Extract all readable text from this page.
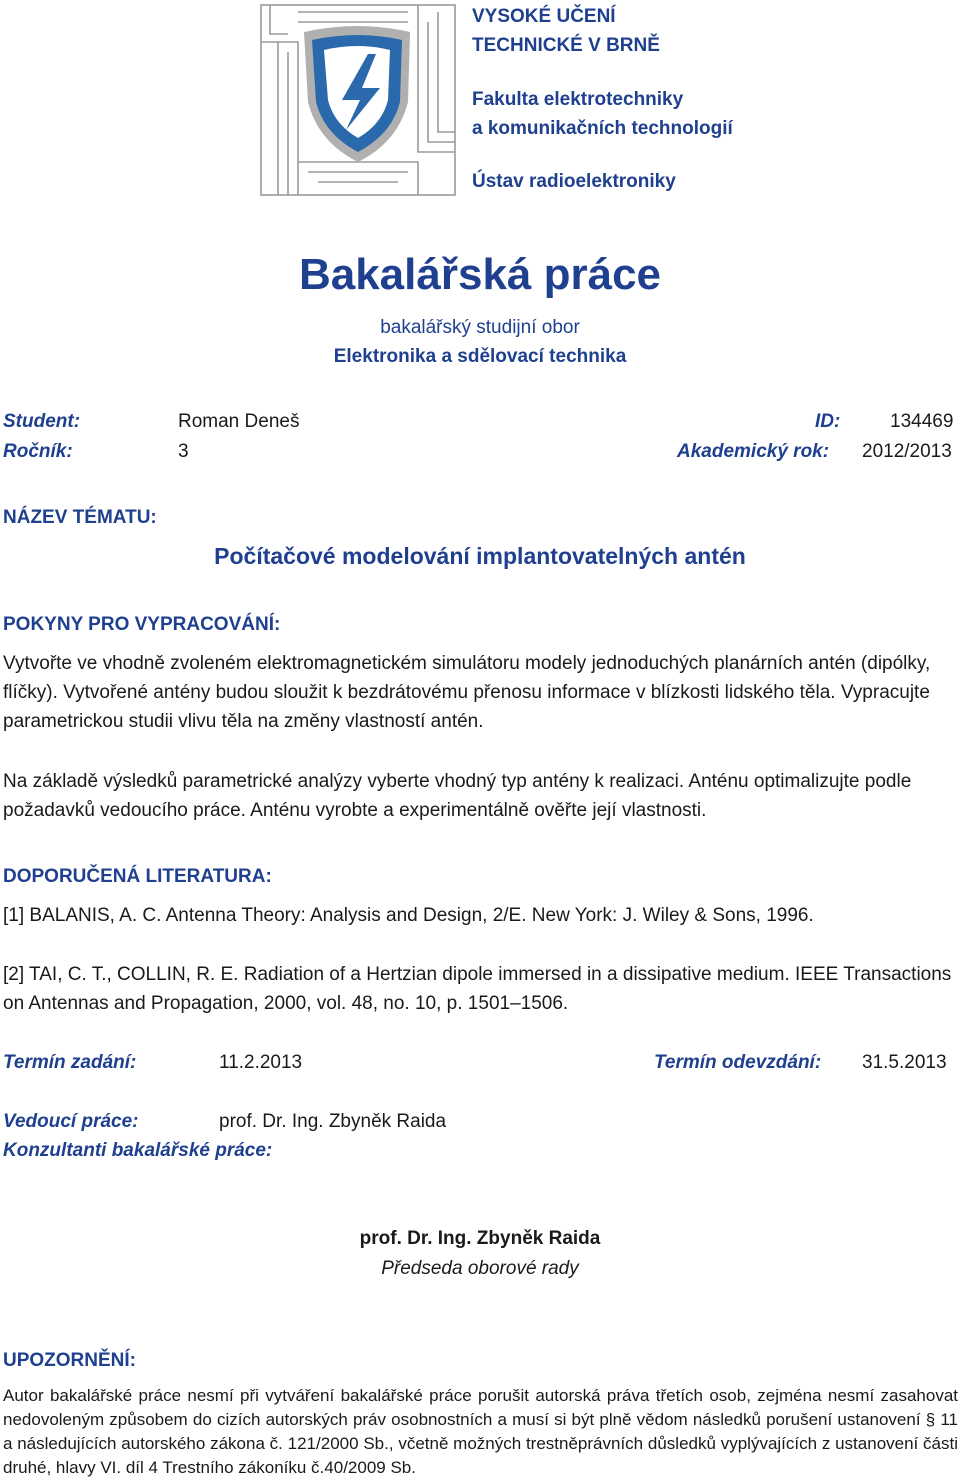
VYSOKÉ UČENÍ
TECHNICKÉ V BRNĚ
Fakulta elektrotechniky
a komunikačních technologií
Ústav radioelektroniky
Bakalářská práce
bakalářský studijní obor
Elektronika a sdělovací technika
Student:	Roman Deneš	ID:	134469
Ročník:	3	Akademický rok: 2012/2013
NÁZEV TÉMATU:
Počítačové modelování implantovatelných antén
POKYNY PRO VYPRACOVÁNÍ:
Vytvořte ve vhodně zvoleném elektromagnetickém simulátoru modely jednoduchých planárních antén (dipólky, flíčky). Vytvořené antény budou sloužit k bezdrátovému přenosu informace v blízkosti lidského těla. Vypracujte parametrickou studii vlivu těla na změny vlastností antén.
Na základě výsledků parametrické analýzy vyberte vhodný typ antény k realizaci. Anténu optimalizujte podle požadavků vedoucího práce. Anténu vyrobte a experimentálně ověřte její vlastnosti.
DOPORUČENÁ LITERATURA:
[1] BALANIS, A. C. Antenna Theory: Analysis and Design, 2/E. New York: J. Wiley & Sons, 1996.
[2] TAI, C. T., COLLIN, R. E. Radiation of a Hertzian dipole immersed in a dissipative medium. IEEE Transactions on Antennas and Propagation, 2000, vol. 48, no. 10, p. 1501–1506.
Termín zadání:	11.2.2013	Termín odevzdání: 31.5.2013
Vedoucí práce:	prof. Dr. Ing. Zbyněk Raida
Konzultanti bakalářské práce:
prof. Dr. Ing. Zbyněk Raida
Předseda oborové rady
UPOZORNĚNÍ:
Autor bakalářské práce nesmí při vytváření bakalářské práce porušit autorská práva třetích osob, zejména nesmí zasahovat nedovoleným způsobem do cizích autorských práv osobnostních a musí si být plně vědom následků porušení ustanovení § 11 a následujících autorského zákona č. 121/2000 Sb., včetně možných trestněprávních důsledků vyplývajících z ustanovení části druhé, hlavy VI. díl 4 Trestního zákoníku č.40/2009 Sb.
